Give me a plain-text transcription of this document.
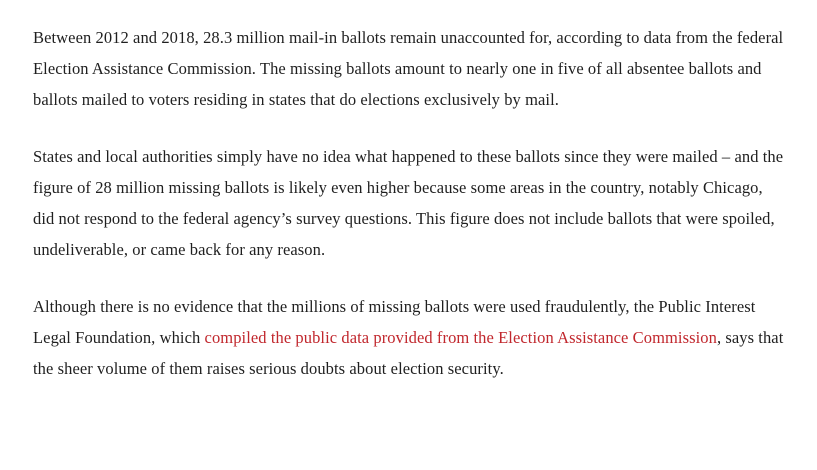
Between 2012 and 2018, 28.3 million mail-in ballots remain unaccounted for, according to data from the federal Election Assistance Commission. The missing ballots amount to nearly one in five of all absentee ballots and ballots mailed to voters residing in states that do elections exclusively by mail.

States and local authorities simply have no idea what happened to these ballots since they were mailed – and the figure of 28 million missing ballots is likely even higher because some areas in the country, notably Chicago, did not respond to the federal agency’s survey questions. This figure does not include ballots that were spoiled, undeliverable, or came back for any reason.

Although there is no evidence that the millions of missing ballots were used fraudulently, the Public Interest Legal Foundation, which compiled the public data provided from the Election Assistance Commission, says that the sheer volume of them raises serious doubts about election security.
